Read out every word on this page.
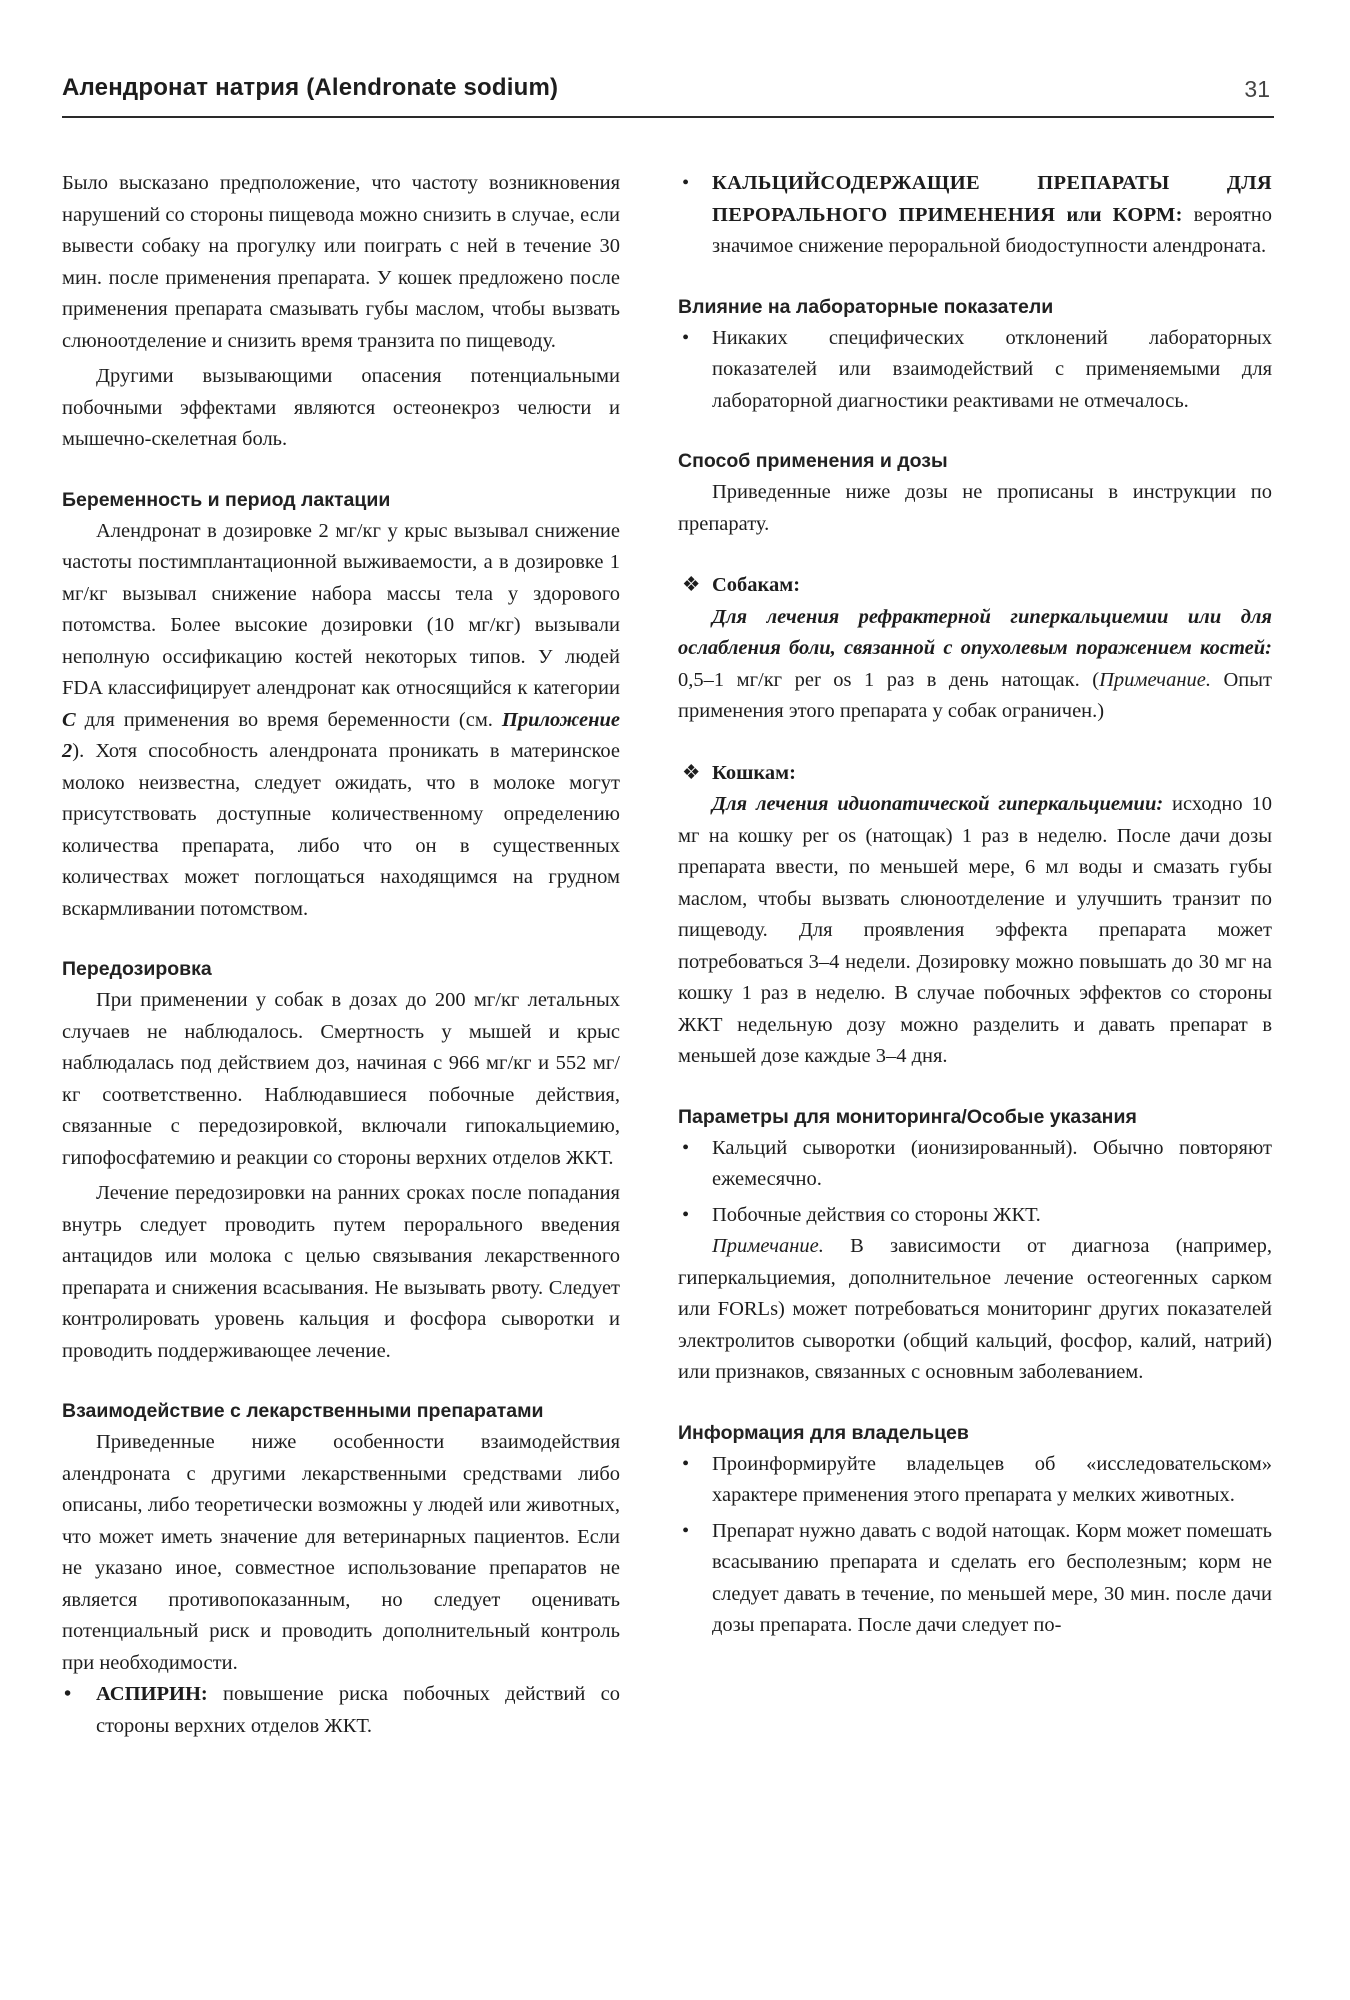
Алендронат натрия (Alendronate sodium)	31

Было высказано предположение, что частоту возникновения нарушений со стороны пищевода можно снизить в случае, если вывести собаку на прогулку или поиграть с ней в течение 30 мин. после применения препарата. У кошек предложено после применения препарата смазывать губы маслом, чтобы вызвать слюноотделение и снизить время транзита по пищеводу.

Другими вызывающими опасения потенциальными побочными эффектами являются остеонекроз челюсти и мышечно-скелетная боль.

Беременность и период лактации

Алендронат в дозировке 2 мг/кг у крыс вызывал снижение частоты постимплантационной выживаемости, а в дозировке 1 мг/кг вызывал снижение набора массы тела у здорового потомства. Более высокие дозировки (10 мг/кг) вызывали неполную оссификацию костей некоторых типов. У людей FDA классифицирует алендронат как относящийся к категории C для применения во время беременности (см. Приложение 2). Хотя способность алендроната проникать в материнское молоко неизвестна, следует ожидать, что в молоке могут присутствовать доступные количественному определению количества препарата, либо что он в существенных количествах может поглощаться находящимся на грудном вскармливании потомством.

Передозировка

При применении у собак в дозах до 200 мг/кг летальных случаев не наблюдалось. Смертность у мышей и крыс наблюдалась под действием доз, начиная с 966 мг/кг и 552 мг/кг соответственно. Наблюдавшиеся побочные действия, связанные с передозировкой, включали гипокальциемию, гипофосфатемию и реакции со стороны верхних отделов ЖКТ.

Лечение передозировки на ранних сроках после попадания внутрь следует проводить путем перорального введения антацидов или молока с целью связывания лекарственного препарата и снижения всасывания. Не вызывать рвоту. Следует контролировать уровень кальция и фосфора сыворотки и проводить поддерживающее лечение.

Взаимодействие с лекарственными препаратами

Приведенные ниже особенности взаимодействия алендроната с другими лекарственными средствами либо описаны, либо теоретически возможны у людей или животных, что может иметь значение для ветеринарных пациентов. Если не указано иное, совместное использование препаратов не является противопоказанным, но следует оценивать потенциальный риск и проводить дополнительный контроль при необходимости.

• АСПИРИН: повышение риска побочных действий со стороны верхних отделов ЖКТ.
• КАЛЬЦИЙСОДЕРЖАЩИЕ ПРЕПАРАТЫ ДЛЯ ПЕРОРАЛЬНОГО ПРИМЕНЕНИЯ или КОРМ: вероятно значимое снижение пероральной биодоступности алендроната.
Влияние на лабораторные показатели
• Никаких специфических отклонений лабораторных показателей или взаимодействий с применяемыми для лабораторной диагностики реактивами не отмечалось.
Способ применения и дозы

Приведенные ниже дозы не прописаны в инструкции по препарату.

❖ Собакам:

Для лечения рефрактерной гиперкальциемии или для ослабления боли, связанной с опухолевым поражением костей: 0,5–1 мг/кг per os 1 раз в день натощак. (Примечание. Опыт применения этого препарата у собак ограничен.)

❖ Кошкам:

Для лечения идиопатической гиперкальциемии: исходно 10 мг на кошку per os (натощак) 1 раз в неделю. После дачи дозы препарата ввести, по меньшей мере, 6 мл воды и смазать губы маслом, чтобы вызвать слюноотделение и улучшить транзит по пищеводу. Для проявления эффекта препарата может потребоваться 3–4 недели. Дозировку можно повышать до 30 мг на кошку 1 раз в неделю. В случае побочных эффектов со стороны ЖКТ недельную дозу можно разделить и давать препарат в меньшей дозе каждые 3–4 дня.

Параметры для мониторинга/Особые указания
• Кальций сыворотки (ионизированный). Обычно повторяют ежемесячно.
• Побочные действия со стороны ЖКТ.

Примечание. В зависимости от диагноза (например, гиперкальциемия, дополнительное лечение остеогенных сарком или FORLs) может потребоваться мониторинг других показателей электролитов сыворотки (общий кальций, фосфор, калий, натрий) или признаков, связанных с основным заболеванием.

Информация для владельцев
• Проинформируйте владельцев об «исследовательском» характере применения этого препарата у мелких животных.
• Препарат нужно давать с водой натощак. Корм может помешать всасыванию препарата и сделать его бесполезным; корм не следует давать в течение, по меньшей мере, 30 мин. после дачи дозы препарата. После дачи следует по-
